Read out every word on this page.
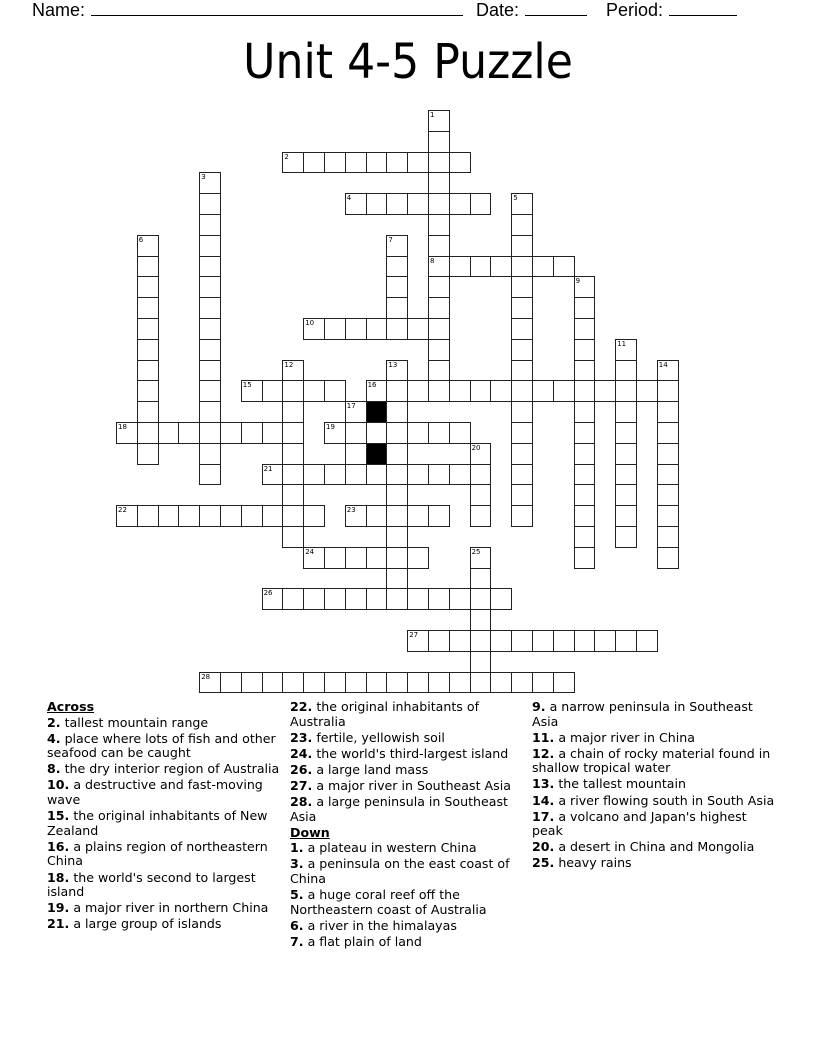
Name:	Date:	Period:
Unit 4-5 Puzzle
2
4
8
10
15	16
18	19
21
22	23
24
26
27
28
1
3
5
6	7
9
11
12	13	14
17
20
25
Across
2. tallest mountain range
4. place where lots of fish and other seafood can be caught
8. the dry interior region of Australia
10. a destructive and fast-moving wave
15. the original inhabitants of New Zealand
16. a plains region of northeastern China
18. the world's second to largest island
19. a major river in northern China
21. a large group of islands
22. the original inhabitants of Australia
23. fertile, yellowish soil
24. the world's third-largest island
26. a large land mass
27. a major river in Southeast Asia
28. a large peninsula in Southeast Asia
Down
1. a plateau in western China
3. a peninsula on the east coast of China
5. a huge coral reef off the Northeastern coast of Australia
6. a river in the himalayas
7. a flat plain of land
9. a narrow peninsula in Southeast Asia
11. a major river in China
12. a chain of rocky material found in shallow tropical water
13. the tallest mountain
14. a river flowing south in South Asia
17. a volcano and Japan's highest peak
20. a desert in China and Mongolia
25. heavy rains
